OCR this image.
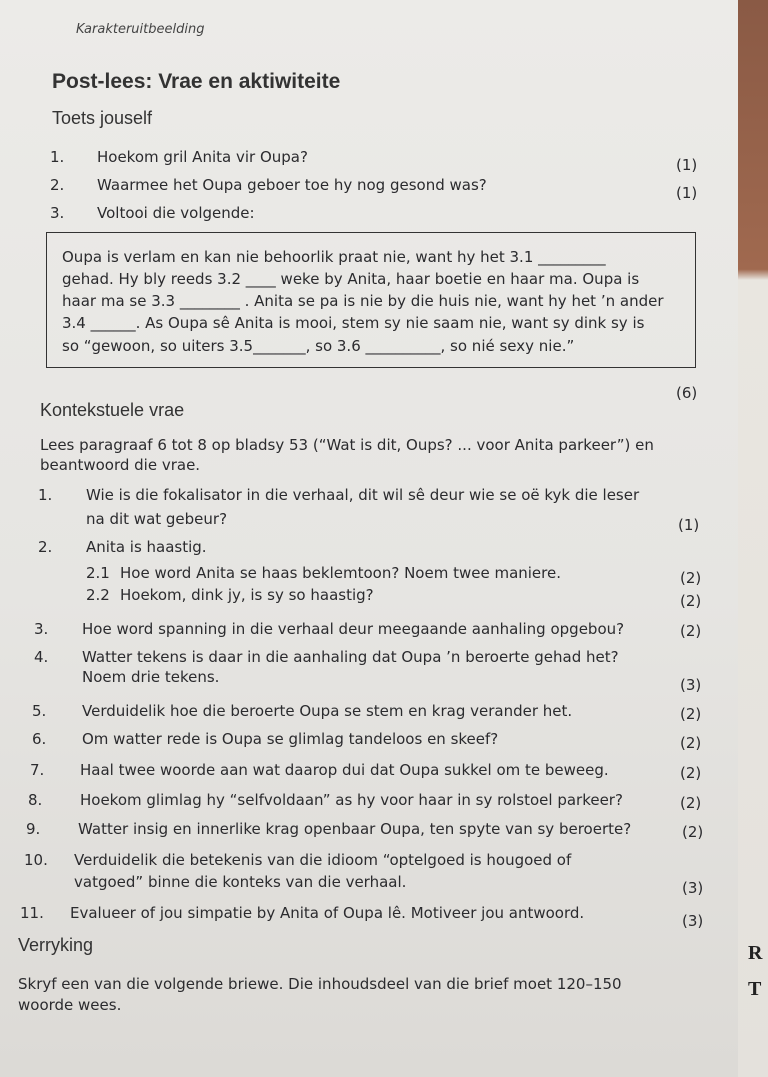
Karakteruitbeelding
Post-lees: Vrae en aktiwiteite
Toets jouself
1. Hoekom gril Anita vir Oupa?	(1)
2. Waarmee het Oupa geboer toe hy nog gesond was?	(1)
3. Voltooi die volgende:
Oupa is verlam en kan nie behoorlik praat nie, want hy het 3.1 _________
gehad. Hy bly reeds 3.2 ____ weke by Anita, haar boetie en haar ma. Oupa is
haar ma se 3.3 ________ . Anita se pa is nie by die huis nie, want hy het ’n ander
3.4 ______. As Oupa sê Anita is mooi, stem sy nie saam nie, want sy dink sy is
so “gewoon, so uiters 3.5_______, so 3.6 __________, so nié sexy nie.”
(6)
Kontekstuele vrae
Lees paragraaf 6 tot 8 op bladsy 53 (“Wat is dit, Oups? ... voor Anita parkeer”) en
beantwoord die vrae.
1. Wie is die fokalisator in die verhaal, dit wil sê deur wie se oë kyk die leser
na dit wat gebeur?	(1)
2. Anita is haastig.
2.1 Hoe word Anita se haas beklemtoon? Noem twee maniere.	(2)
2.2 Hoekom, dink jy, is sy so haastig?	(2)
3. Hoe word spanning in die verhaal deur meegaande aanhaling opgebou?	(2)
4. Watter tekens is daar in die aanhaling dat Oupa ’n beroerte gehad het?
Noem drie tekens.	(3)
5. Verduidelik hoe die beroerte Oupa se stem en krag verander het.	(2)
6. Om watter rede is Oupa se glimlag tandeloos en skeef?	(2)
7. Haal twee woorde aan wat daarop dui dat Oupa sukkel om te beweeg.	(2)
8.	Hoekom glimlag hy “selfvoldaan” as hy voor haar in sy rolstoel parkeer?	(2)
9.	Watter insig en innerlike krag openbaar Oupa, ten spyte van sy beroerte?	(2)
10. Verduidelik die betekenis van die idioom “optelgoed is hougoed of
vatgoed” binne die konteks van die verhaal.	(3)
11. Evalueer of jou simpatie by Anita of Oupa lê. Motiveer jou antwoord.	(3)
Verryking
Skryf een van die volgende briewe. Die inhoudsdeel van die brief moet 120–150
woorde wees.
R
T
